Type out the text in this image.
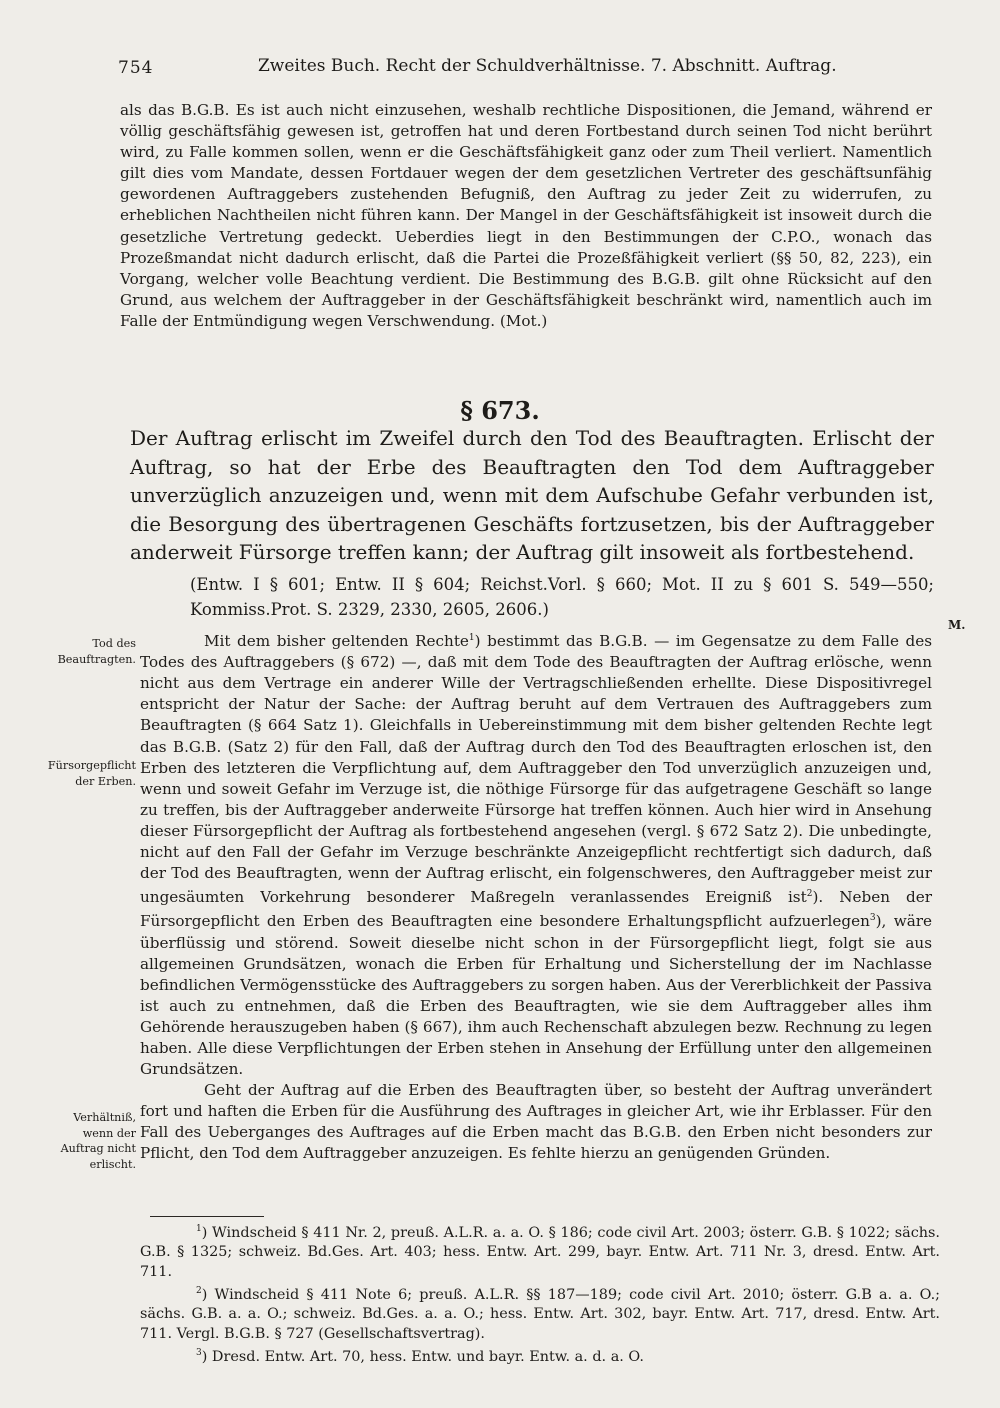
754	Zweites Buch. Recht der Schuldverhältnisse. 7. Abschnitt. Auftrag.

als das B.G.B. Es ist auch nicht einzusehen, weshalb rechtliche Dispositionen, die Jemand, während er völlig geschäftsfähig gewesen ist, getroffen hat und deren Fortbestand durch seinen Tod nicht berührt wird, zu Falle kommen sollen, wenn er die Geschäftsfähigkeit ganz oder zum Theil verliert. Namentlich gilt dies vom Mandate, dessen Fortdauer wegen der dem gesetzlichen Vertreter des geschäftsunfähig gewordenen Auftraggebers zustehenden Befugniß, den Auftrag zu jeder Zeit zu widerrufen, zu erheblichen Nachtheilen nicht führen kann. Der Mangel in der Geschäftsfähigkeit ist insoweit durch die gesetzliche Vertretung gedeckt. Ueberdies liegt in den Bestimmungen der C.P.O., wonach das Prozeßmandat nicht dadurch erlischt, daß die Partei die Prozeßfähigkeit verliert (§§ 50, 82, 223), ein Vorgang, welcher volle Beachtung verdient. Die Bestimmung des B.G.B. gilt ohne Rücksicht auf den Grund, aus welchem der Auftraggeber in der Geschäftsfähigkeit beschränkt wird, namentlich auch im Falle der Entmündigung wegen Verschwendung. (Mot.)

§ 673.

Der Auftrag erlischt im Zweifel durch den Tod des Beauftragten. Erlischt der Auftrag, so hat der Erbe des Beauftragten den Tod dem Auftraggeber unverzüglich anzuzeigen und, wenn mit dem Aufschube Gefahr verbunden ist, die Besorgung des übertragenen Geschäfts fortzusetzen, bis der Auftraggeber anderweit Fürsorge treffen kann; der Auftrag gilt insoweit als fortbestehend.

(Entw. I § 601; Entw. II § 604; Reichst.Vorl. § 660; Mot. II zu § 601 S. 549—550; Kommiss.Prot. S. 2329, 2330, 2605, 2606.)

M.

Tod des
Beauftragten.

Fürsorgepflicht
der Erben.

Verhältniß,
wenn der
Auftrag nicht
erlischt.

Mit dem bisher geltenden Rechte$^1$) bestimmt das B.G.B. — im Gegensatze zu dem Falle des Todes des Auftraggebers (§ 672) —, daß mit dem Tode des Beauftragten der Auftrag erlösche, wenn nicht aus dem Vertrage ein anderer Wille der Vertragschließenden erhellte. Diese Dispositivregel entspricht der Natur der Sache: der Auftrag beruht auf dem Vertrauen des Auftraggebers zum Beauftragten (§ 664 Satz 1). Gleichfalls in Uebereinstimmung mit dem bisher geltenden Rechte legt das B.G.B. (Satz 2) für den Fall, daß der Auftrag durch den Tod des Beauftragten erloschen ist, den Erben des letzteren die Verpflichtung auf, dem Auftraggeber den Tod unverzüglich anzuzeigen und, wenn und soweit Gefahr im Verzuge ist, die nöthige Fürsorge für das aufgetragene Geschäft so lange zu treffen, bis der Auftraggeber anderweite Fürsorge hat treffen können. Auch hier wird in Ansehung dieser Fürsorgepflicht der Auftrag als fortbestehend angesehen (vergl. § 672 Satz 2). Die unbedingte, nicht auf den Fall der Gefahr im Verzuge beschränkte Anzeigepflicht rechtfertigt sich dadurch, daß der Tod des Beauftragten, wenn der Auftrag erlischt, ein folgenschweres, den Auftraggeber meist zur ungesäumten Vorkehrung besonderer Maßregeln veranlassendes Ereigniß ist$^2$). Neben der Fürsorgepflicht den Erben des Beauftragten eine besondere Erhaltungspflicht aufzuerlegen$^3$), wäre überflüssig und störend. Soweit dieselbe nicht schon in der Fürsorgepflicht liegt, folgt sie aus allgemeinen Grundsätzen, wonach die Erben für Erhaltung und Sicherstellung der im Nachlasse befindlichen Vermögensstücke des Auftraggebers zu sorgen haben. Aus der Vererblichkeit der Passiva ist auch zu entnehmen, daß die Erben des Beauftragten, wie sie dem Auftraggeber alles ihm Gehörende herauszugeben haben (§ 667), ihm auch Rechenschaft abzulegen bezw. Rechnung zu legen haben. Alle diese Verpflichtungen der Erben stehen in Ansehung der Erfüllung unter den allgemeinen Grundsätzen.

Geht der Auftrag auf die Erben des Beauftragten über, so besteht der Auftrag unverändert fort und haften die Erben für die Ausführung des Auftrages in gleicher Art, wie ihr Erblasser. Für den Fall des Ueberganges des Auftrages auf die Erben macht das B.G.B. den Erben nicht besonders zur Pflicht, den Tod dem Auftraggeber anzuzeigen. Es fehlte hierzu an genügenden Gründen.

$^1$) Windscheid § 411 Nr. 2, preuß. A.L.R. a. a. O. § 186; code civil Art. 2003; österr. G.B. § 1022; sächs. G.B. § 1325; schweiz. Bd.Ges. Art. 403; hess. Entw. Art. 299, bayr. Entw. Art. 711 Nr. 3, dresd. Entw. Art. 711.

$^2$) Windscheid § 411 Note 6; preuß. A.L.R. §§ 187—189; code civil Art. 2010; österr. G.B a. a. O.; sächs. G.B. a. a. O.; schweiz. Bd.Ges. a. a. O.; hess. Entw. Art. 302, bayr. Entw. Art. 717, dresd. Entw. Art. 711. Vergl. B.G.B. § 727 (Gesellschaftsvertrag).

$^3$) Dresd. Entw. Art. 70, hess. Entw. und bayr. Entw. a. d. a. O.
